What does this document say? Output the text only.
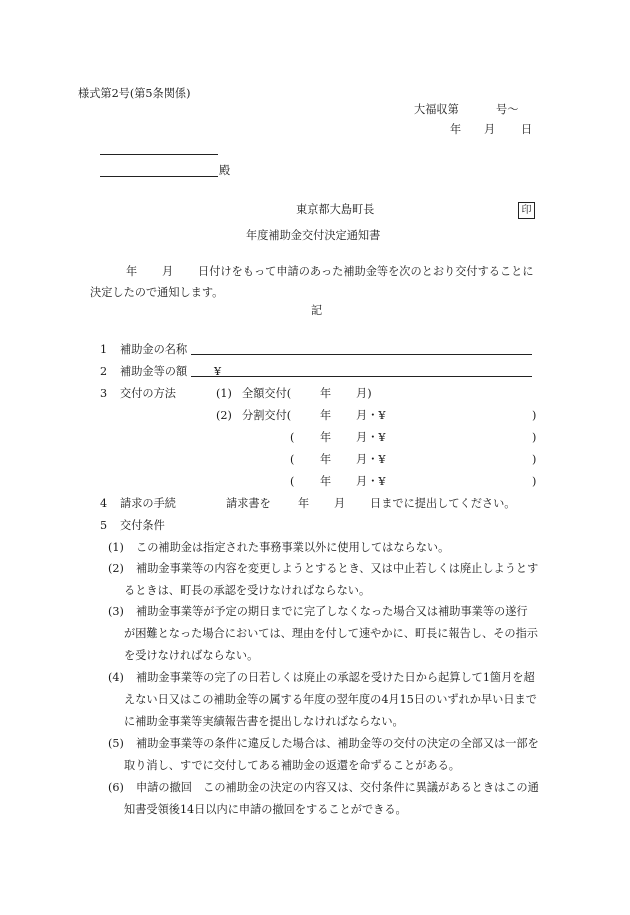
様式第2号(第5条関係)
大福収第	号〜
年 月 日
殿
東京都大島町長	印
年度補助金交付決定通知書
年 月 日付けをもって申請のあった補助金等を次のとおり交付することに
決定したので通知します。
記
1 補助金の名称
2 補助金等の額 ¥
3 交付の方法	(1) 全額交付(	年 月)
(2) 分割交付(	年 月・¥	)
( 年 月・¥	)
( 年 月・¥	)
( 年 月・¥	)
4 請求の手続	請求書を 年 月 日までに提出してください。
5 交付条件
(1) この補助金は指定された事務事業以外に使用してはならない。
(2) 補助金事業等の内容を変更しようとするとき、又は中止若しくは廃止しようとす
るときは、町長の承認を受けなければならない。
(3) 補助金事業等が予定の期日までに完了しなくなった場合又は補助事業等の遂行
が困難となった場合においては、理由を付して速やかに、町長に報告し、その指示
を受けなければならない。
(4) 補助金事業等の完了の日若しくは廃止の承認を受けた日から起算して1箇月を超
えない日又はこの補助金等の属する年度の翌年度の4月15日のいずれか早い日まで
に補助金事業等実績報告書を提出しなければならない。
(5) 補助金事業等の条件に違反した場合は、補助金等の交付の決定の全部又は一部を
取り消し、すでに交付してある補助金の返還を命ずることがある。
(6) 申請の撤回　この補助金の決定の内容又は、交付条件に異議があるときはこの通
知書受領後14日以内に申請の撤回をすることができる。
